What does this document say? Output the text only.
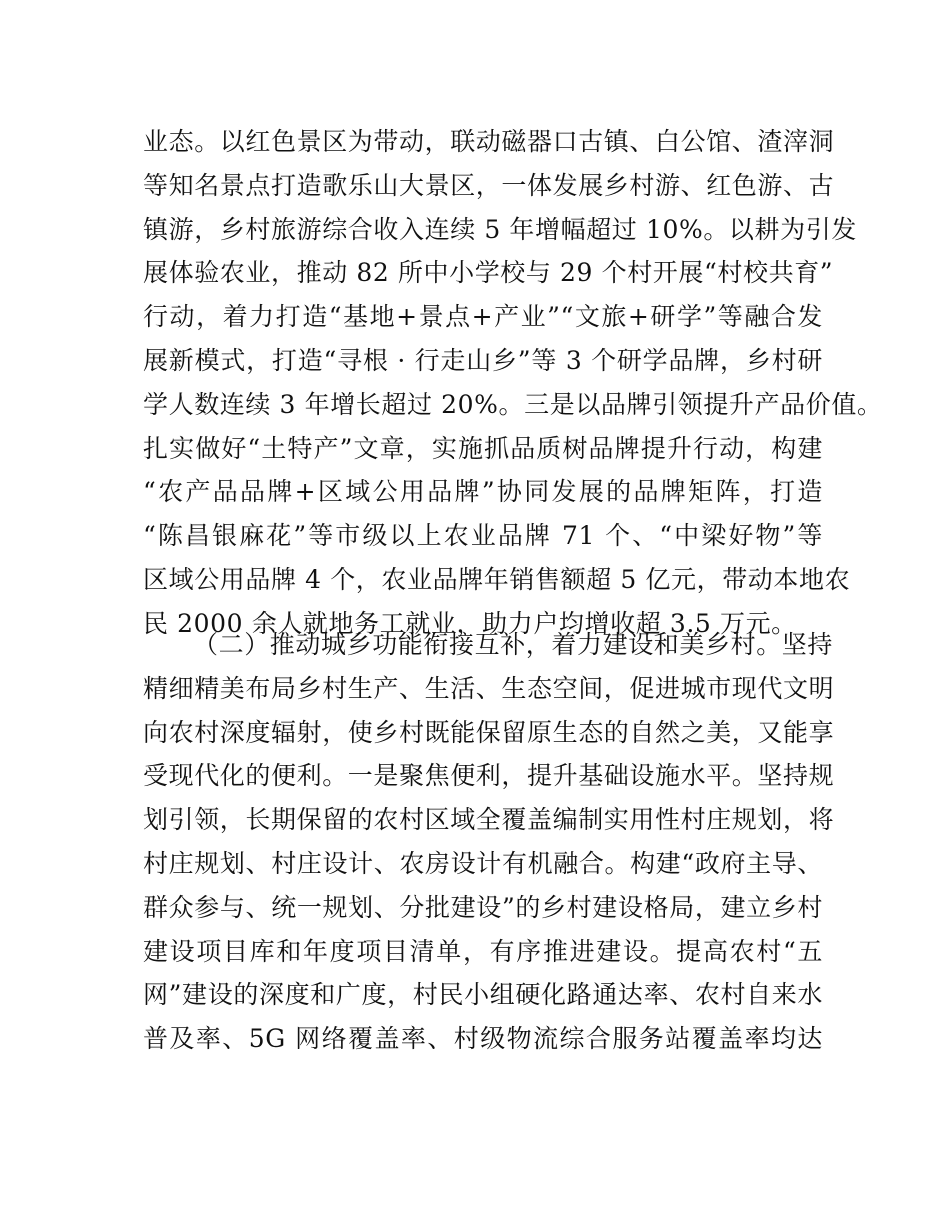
业态。以红色景区为带动，联动磁器口古镇、白公馆、渣滓洞
等知名景点打造歌乐山大景区，一体发展乡村游、红色游、古
镇游，乡村旅游综合收入连续 5 年增幅超过 10%。以耕为引发
展体验农业，推动 82 所中小学校与 29 个村开展“村校共育”
行动，着力打造“基地+景点+产业”“文旅+研学”等融合发
展新模式，打造“寻根 · 行走山乡”等 3 个研学品牌，乡村研
学人数连续 3 年增长超过 20%。三是以品牌引领提升产品价值。
扎实做好“土特产”文章，实施抓品质树品牌提升行动，构建
“农产品品牌+区域公用品牌”协同发展的品牌矩阵，打造
“陈昌银麻花”等市级以上农业品牌 71 个、“中梁好物”等
区域公用品牌 4 个，农业品牌年销售额超 5 亿元，带动本地农
民 2000 余人就地务工就业，助力户均增收超 3.5 万元。
（二）推动城乡功能衔接互补，着力建设和美乡村。坚持
精细精美布局乡村生产、生活、生态空间，促进城市现代文明
向农村深度辐射，使乡村既能保留原生态的自然之美，又能享
受现代化的便利。一是聚焦便利，提升基础设施水平。坚持规
划引领，长期保留的农村区域全覆盖编制实用性村庄规划，将
村庄规划、村庄设计、农房设计有机融合。构建“政府主导、
群众参与、统一规划、分批建设”的乡村建设格局，建立乡村
建设项目库和年度项目清单，有序推进建设。提高农村“五
网”建设的深度和广度，村民小组硬化路通达率、农村自来水
普及率、5G 网络覆盖率、村级物流综合服务站覆盖率均达
